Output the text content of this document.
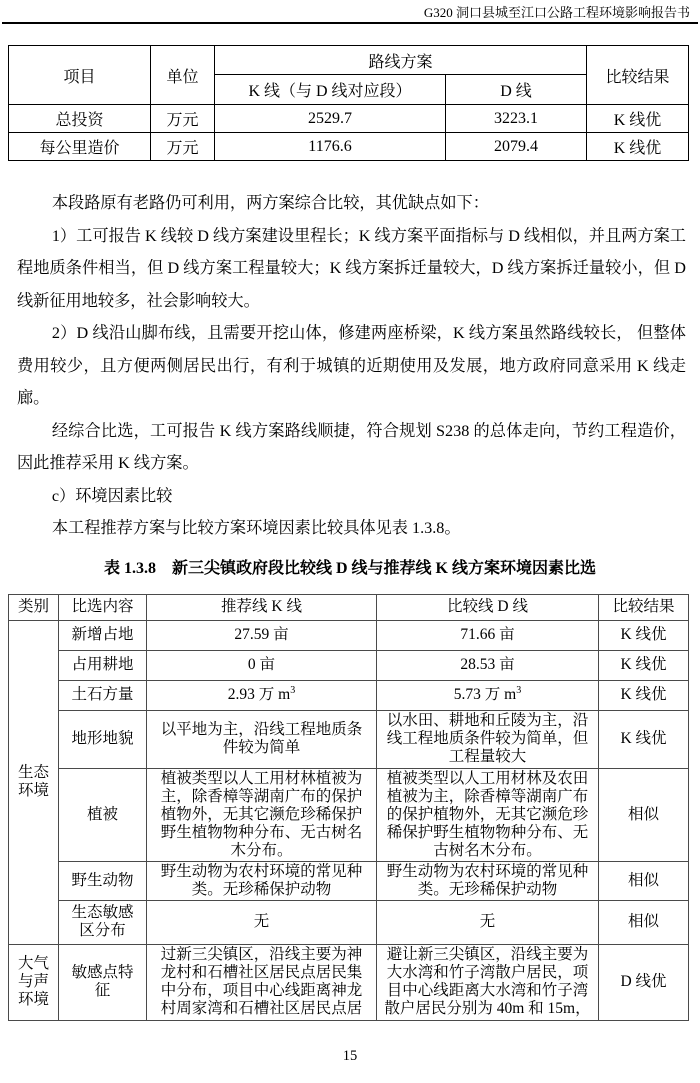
G320 洞口县城至江口公路工程环境影响报告书
项目	单位	路线方案		比较结果
		K 线（与 D 线对应段）	D 线	
总投资	万元	2529.7	3223.1	K 线优
每公里造价	万元	1176.6	2079.4	K 线优

本段路原有老路仍可利用，两方案综合比较，其优缺点如下：

1）工可报告 K 线较 D 线方案建设里程长；K 线方案平面指标与 D 线相似，并且两方案工程地质条件相当，但 D 线方案工程量较大；K 线方案拆迁量较大，D 线方案拆迁量较小，但 D 线新征用地较多，社会影响较大。

2）D 线沿山脚布线，且需要开挖山体，修建两座桥梁，K 线方案虽然路线较长， 但整体费用较少，且方便两侧居民出行，有利于城镇的近期使用及发展，地方政府同意采用 K 线走廊。

经综合比选，工可报告 K 线方案路线顺捷，符合规划 S238 的总体走向，节约工程造价，因此推荐采用 K 线方案。

c）环境因素比较

本工程推荐方案与比较方案环境因素比较具体见表 1.3.8。

表 1.3.8　新三尖镇政府段比较线 D 线与推荐线 K 线方案环境因素比选
类别	比选内容	推荐线 K 线	比较线 D 线	比较结果
生态环境	新增占地	27.59 亩	71.66 亩	K 线优
	占用耕地	0 亩	28.53 亩	K 线优
	土石方量	2.93 万 $m^3$	5.73 万 $m^3$	K 线优
	地形地貌	以平地为主，沿线工程地质条件较为简单	以水田、耕地和丘陵为主，沿线工程地质条件较为简单，但工程量较大	K 线优
	植被	植被类型以人工用材林植被为主，除香樟等湖南广布的保护植物外，无其它濒危珍稀保护野生植物物种分布、无古树名木分布。	植被类型以人工用材林及农田植被为主，除香樟等湖南广布的保护植物外，无其它濒危珍稀保护野生植物物种分布、无古树名木分布。	相似
	野生动物	野生动物为农村环境的常见种类。无珍稀保护动物	野生动物为农村环境的常见种类。无珍稀保护动物	相似
	生态敏感区分布	无	无	相似
大气与声环境	敏感点特征	过新三尖镇区，沿线主要为神龙村和石槽社区居民点居民集中分布，项目中心线距离神龙村周家湾和石槽社区居民点居	避让新三尖镇区，沿线主要为大水湾和竹子湾散户居民，项目中心线距离大水湾和竹子湾散户居民分别为 40m 和 15m，	D 线优
15
